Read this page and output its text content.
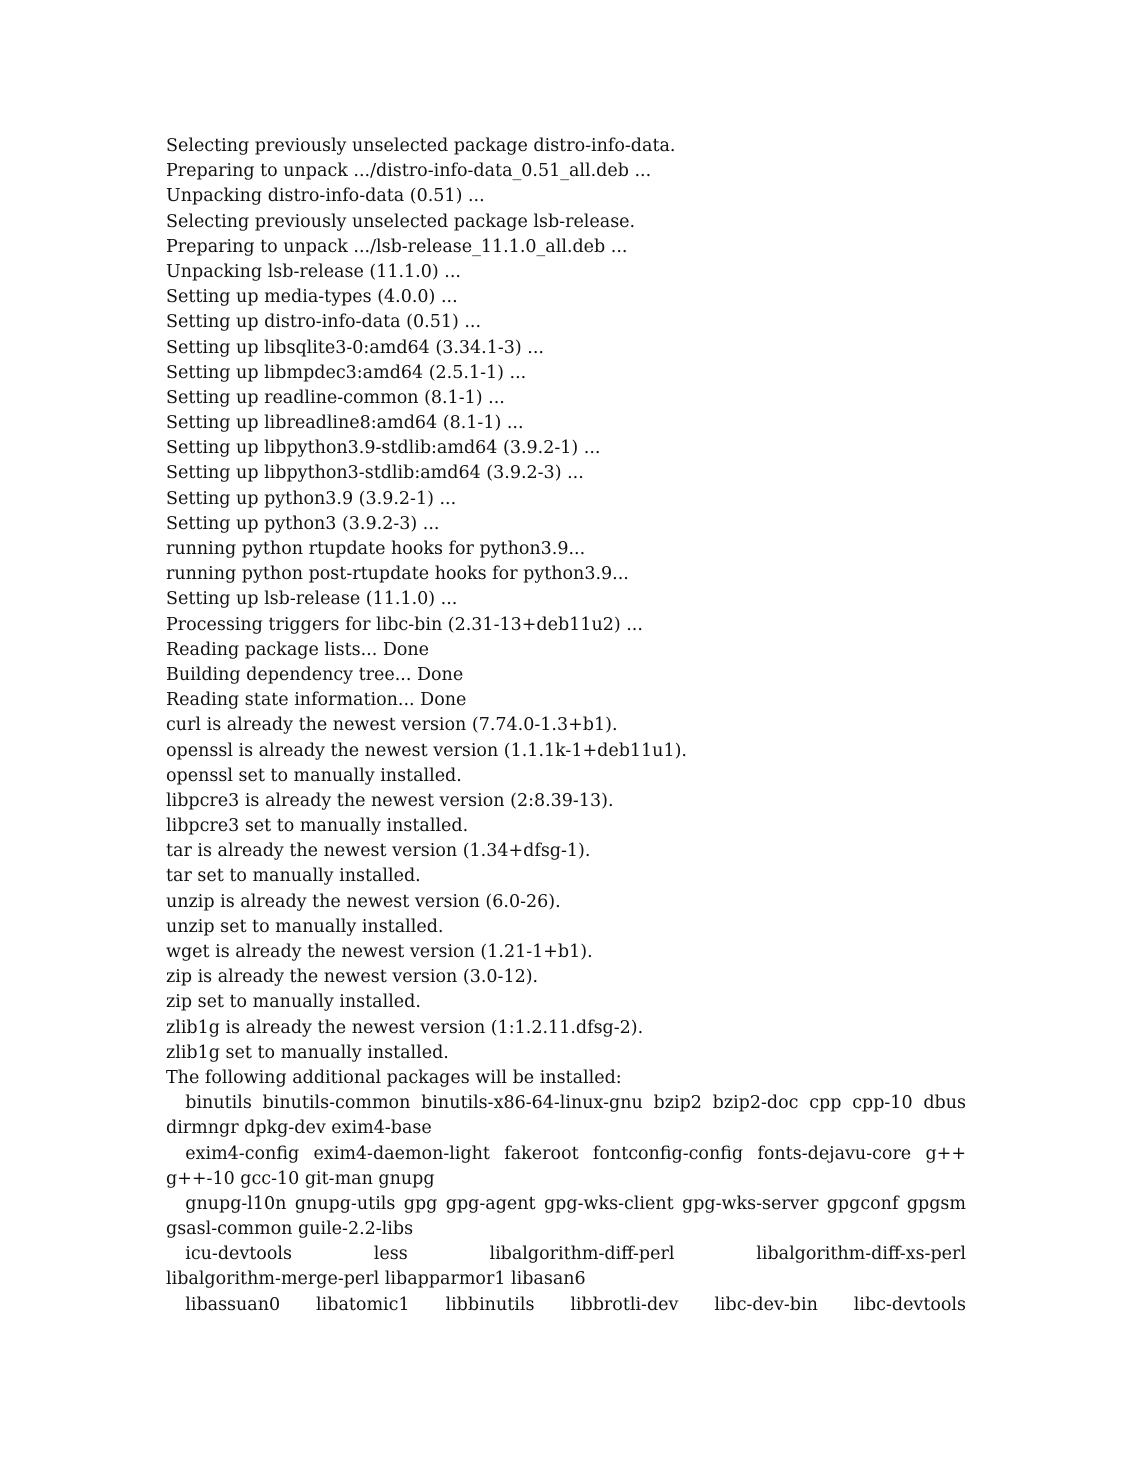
Selecting previously unselected package distro-info-data.
Preparing to unpack .../distro-info-data_0.51_all.deb ...
Unpacking distro-info-data (0.51) ...
Selecting previously unselected package lsb-release.
Preparing to unpack .../lsb-release_11.1.0_all.deb ...
Unpacking lsb-release (11.1.0) ...
Setting up media-types (4.0.0) ...
Setting up distro-info-data (0.51) ...
Setting up libsqlite3-0:amd64 (3.34.1-3) ...
Setting up libmpdec3:amd64 (2.5.1-1) ...
Setting up readline-common (8.1-1) ...
Setting up libreadline8:amd64 (8.1-1) ...
Setting up libpython3.9-stdlib:amd64 (3.9.2-1) ...
Setting up libpython3-stdlib:amd64 (3.9.2-3) ...
Setting up python3.9 (3.9.2-1) ...
Setting up python3 (3.9.2-3) ...
running python rtupdate hooks for python3.9...
running python post-rtupdate hooks for python3.9...
Setting up lsb-release (11.1.0) ...
Processing triggers for libc-bin (2.31-13+deb11u2) ...
Reading package lists... Done
Building dependency tree... Done
Reading state information... Done
curl is already the newest version (7.74.0-1.3+b1).
openssl is already the newest version (1.1.1k-1+deb11u1).
openssl set to manually installed.
libpcre3 is already the newest version (2:8.39-13).
libpcre3 set to manually installed.
tar is already the newest version (1.34+dfsg-1).
tar set to manually installed.
unzip is already the newest version (6.0-26).
unzip set to manually installed.
wget is already the newest version (1.21-1+b1).
zip is already the newest version (3.0-12).
zip set to manually installed.
zlib1g is already the newest version (1:1.2.11.dfsg-2).
zlib1g set to manually installed.
The following additional packages will be installed:
binutils binutils-common binutils-x86-64-linux-gnu bzip2 bzip2-doc cpp cpp-10 dbus
dirmngr dpkg-dev exim4-base
exim4-config exim4-daemon-light fakeroot fontconfig-config fonts-dejavu-core g++
g++-10 gcc-10 git-man gnupg
gnupg-l10n gnupg-utils gpg gpg-agent gpg-wks-client gpg-wks-server gpgconf gpgsm
gsasl-common guile-2.2-libs
icu-devtools less libalgorithm-diff-perl libalgorithm-diff-xs-perl
libalgorithm-merge-perl libapparmor1 libasan6
libassuan0 libatomic1 libbinutils libbrotli-dev libc-dev-bin libc-devtools
